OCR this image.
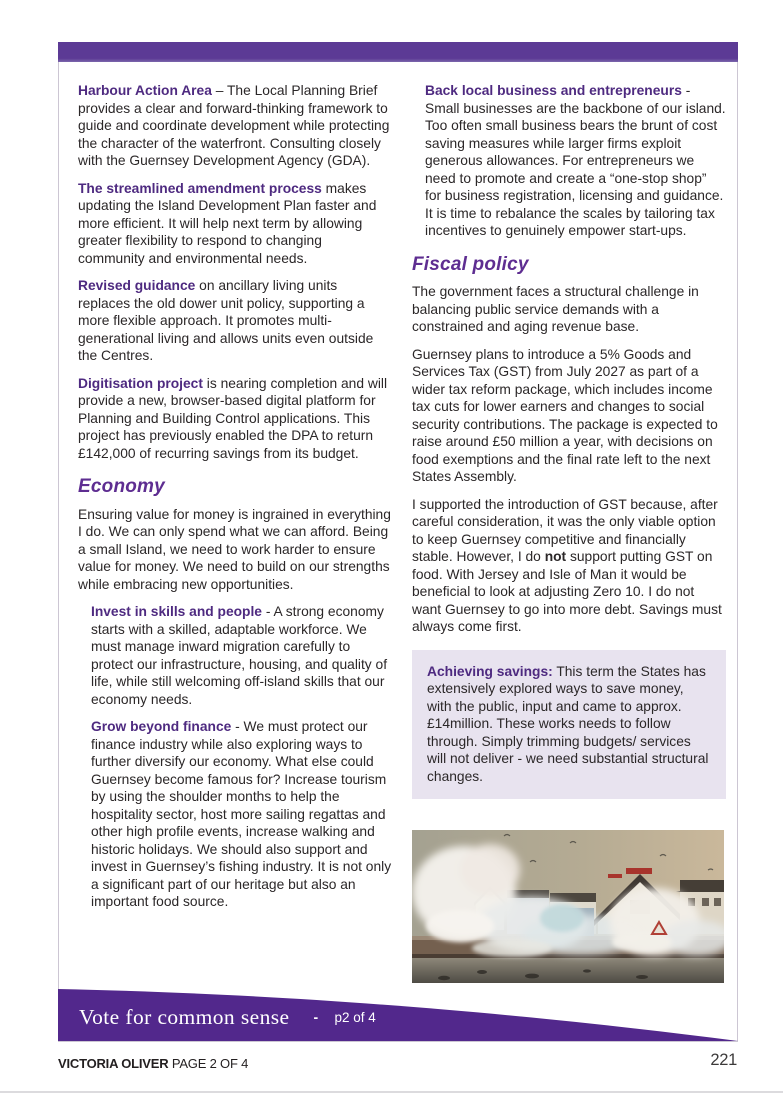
Harbour Action Area – The Local Planning Brief provides a clear and forward-thinking framework to guide and coordinate development while protecting the character of the waterfront. Consulting closely with the Guernsey Development Agency (GDA).

The streamlined amendment process makes updating the Island Development Plan faster and more efficient. It will help next term by allowing greater flexibility to respond to changing community and environmental needs.

Revised guidance on ancillary living units replaces the old dower unit policy, supporting a more flexible approach. It promotes multi-generational living and allows units even outside the Centres.

Digitisation project is nearing completion and will provide a new, browser-based digital platform for Planning and Building Control applications. This project has previously enabled the DPA to return £142,000 of recurring savings from its budget.

Economy

Ensuring value for money is ingrained in everything I do. We can only spend what we can afford. Being a small Island, we need to work harder to ensure value for money. We need to build on our strengths while embracing new opportunities.

Invest in skills and people - A strong economy starts with a skilled, adaptable workforce. We must manage inward migration carefully to protect our infrastructure, housing, and quality of life, while still welcoming off-island skills that our economy needs.

Grow beyond finance - We must protect our finance industry while also exploring ways to further diversify our economy. What else could Guernsey become famous for? Increase tourism by using the shoulder months to help the hospitality sector, host more sailing regattas and other high profile events, increase walking and historic holidays. We should also support and invest in Guernsey’s fishing industry. It is not only a significant part of our heritage but also an important food source.

Back local business and entrepreneurs - Small businesses are the backbone of our island. Too often small business bears the brunt of cost saving measures while larger firms exploit generous allowances. For entrepreneurs we need to promote and create a “one-stop shop” for business registration, licensing and guidance. It is time to rebalance the scales by tailoring tax incentives to genuinely empower start-ups.

Fiscal policy

The government faces a structural challenge in balancing public service demands with a constrained and aging revenue base.

Guernsey plans to introduce a 5% Goods and Services Tax (GST) from July 2027 as part of a wider tax reform package, which includes income tax cuts for lower earners and changes to social security contributions. The package is expected to raise around £50 million a year, with decisions on food exemptions and the final rate left to the next States Assembly.

I supported the introduction of GST because, after careful consideration, it was the only viable option to keep Guernsey competitive and financially stable. However, I do not support putting GST on food. With Jersey and Isle of Man it would be beneficial to look at adjusting Zero 10. I do not want Guernsey to go into more debt. Savings must always come first.

Achieving savings: This term the States has extensively explored ways to save money, with the public, input and came to approx. £14million. These works needs to follow through. Simply trimming budgets/ services will not deliver - we need substantial structural changes.
Vote for common sense - p2 of 4
VICTORIA OLIVER PAGE 2 OF 4	221
